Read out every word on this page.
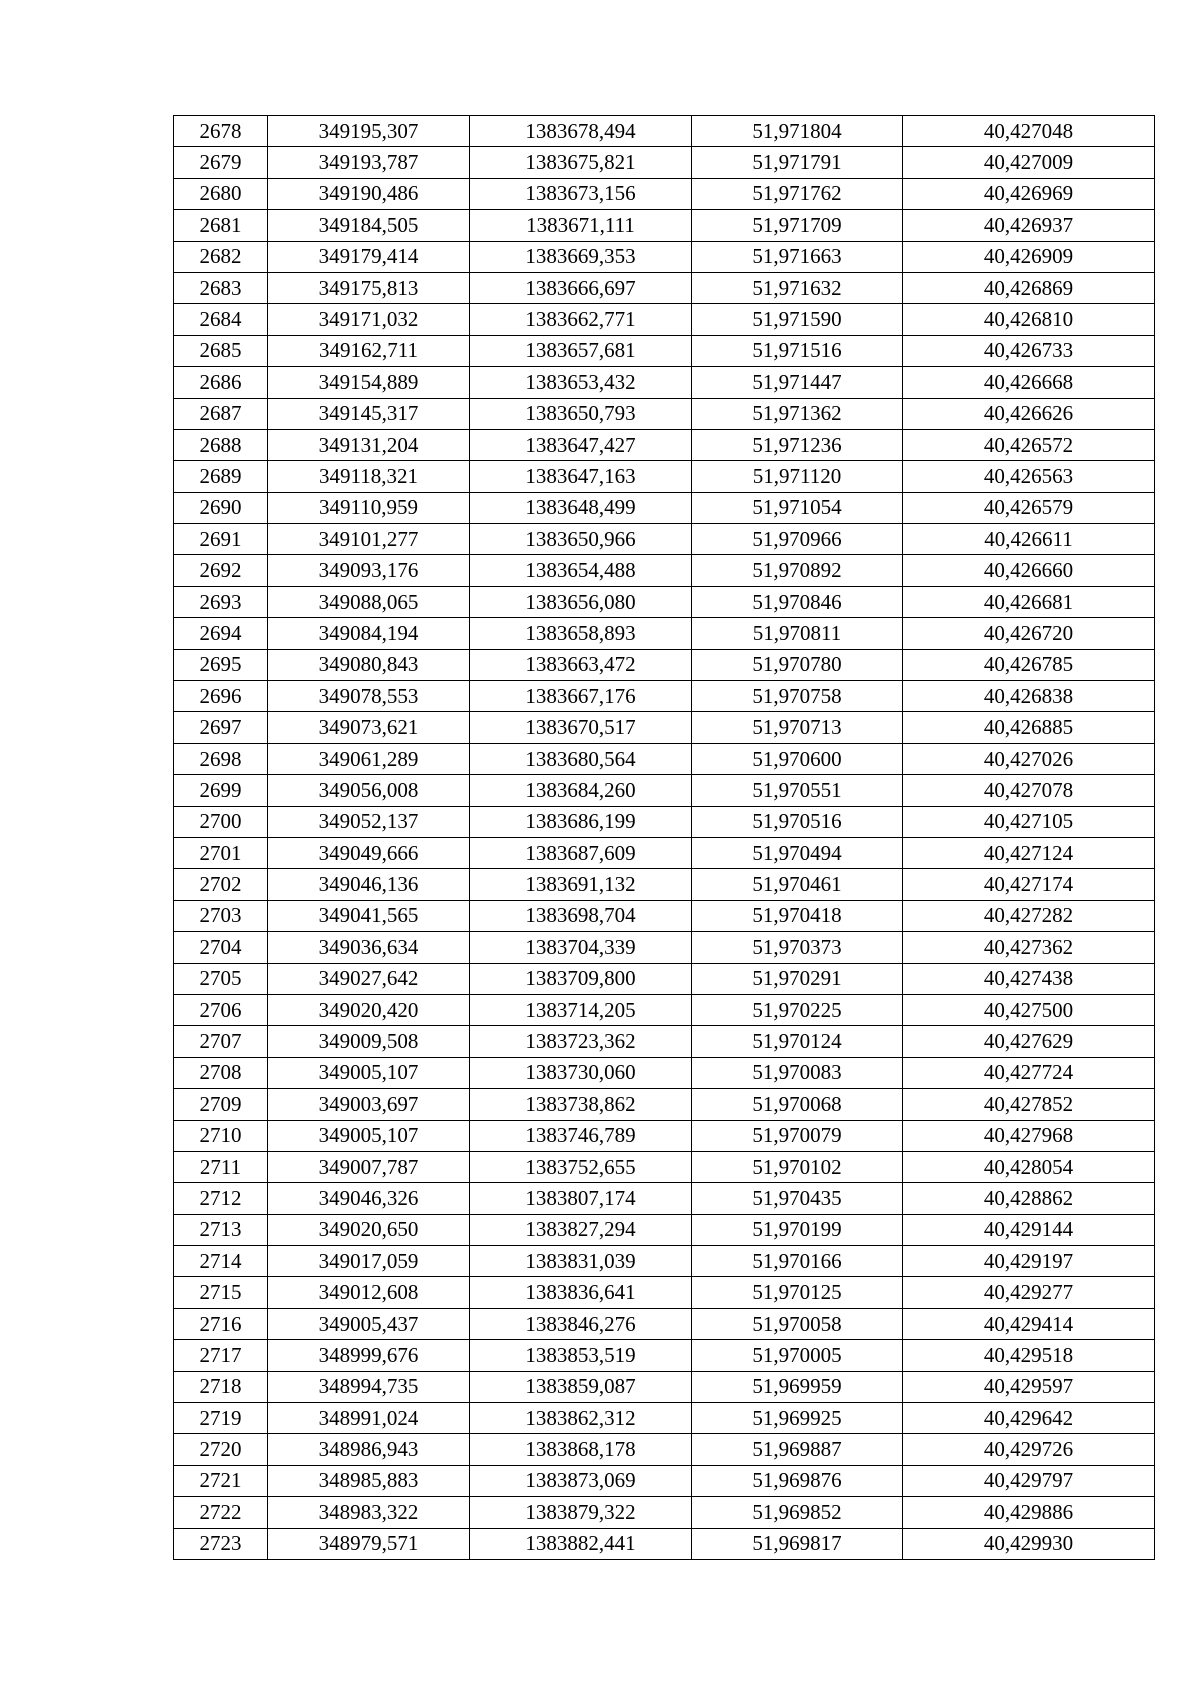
2678	349195,307	1383678,494	51,971804	40,427048
2679	349193,787	1383675,821	51,971791	40,427009
2680	349190,486	1383673,156	51,971762	40,426969
2681	349184,505	1383671,111	51,971709	40,426937
2682	349179,414	1383669,353	51,971663	40,426909
2683	349175,813	1383666,697	51,971632	40,426869
2684	349171,032	1383662,771	51,971590	40,426810
2685	349162,711	1383657,681	51,971516	40,426733
2686	349154,889	1383653,432	51,971447	40,426668
2687	349145,317	1383650,793	51,971362	40,426626
2688	349131,204	1383647,427	51,971236	40,426572
2689	349118,321	1383647,163	51,971120	40,426563
2690	349110,959	1383648,499	51,971054	40,426579
2691	349101,277	1383650,966	51,970966	40,426611
2692	349093,176	1383654,488	51,970892	40,426660
2693	349088,065	1383656,080	51,970846	40,426681
2694	349084,194	1383658,893	51,970811	40,426720
2695	349080,843	1383663,472	51,970780	40,426785
2696	349078,553	1383667,176	51,970758	40,426838
2697	349073,621	1383670,517	51,970713	40,426885
2698	349061,289	1383680,564	51,970600	40,427026
2699	349056,008	1383684,260	51,970551	40,427078
2700	349052,137	1383686,199	51,970516	40,427105
2701	349049,666	1383687,609	51,970494	40,427124
2702	349046,136	1383691,132	51,970461	40,427174
2703	349041,565	1383698,704	51,970418	40,427282
2704	349036,634	1383704,339	51,970373	40,427362
2705	349027,642	1383709,800	51,970291	40,427438
2706	349020,420	1383714,205	51,970225	40,427500
2707	349009,508	1383723,362	51,970124	40,427629
2708	349005,107	1383730,060	51,970083	40,427724
2709	349003,697	1383738,862	51,970068	40,427852
2710	349005,107	1383746,789	51,970079	40,427968
2711	349007,787	1383752,655	51,970102	40,428054
2712	349046,326	1383807,174	51,970435	40,428862
2713	349020,650	1383827,294	51,970199	40,429144
2714	349017,059	1383831,039	51,970166	40,429197
2715	349012,608	1383836,641	51,970125	40,429277
2716	349005,437	1383846,276	51,970058	40,429414
2717	348999,676	1383853,519	51,970005	40,429518
2718	348994,735	1383859,087	51,969959	40,429597
2719	348991,024	1383862,312	51,969925	40,429642
2720	348986,943	1383868,178	51,969887	40,429726
2721	348985,883	1383873,069	51,969876	40,429797
2722	348983,322	1383879,322	51,969852	40,429886
2723	348979,571	1383882,441	51,969817	40,429930
